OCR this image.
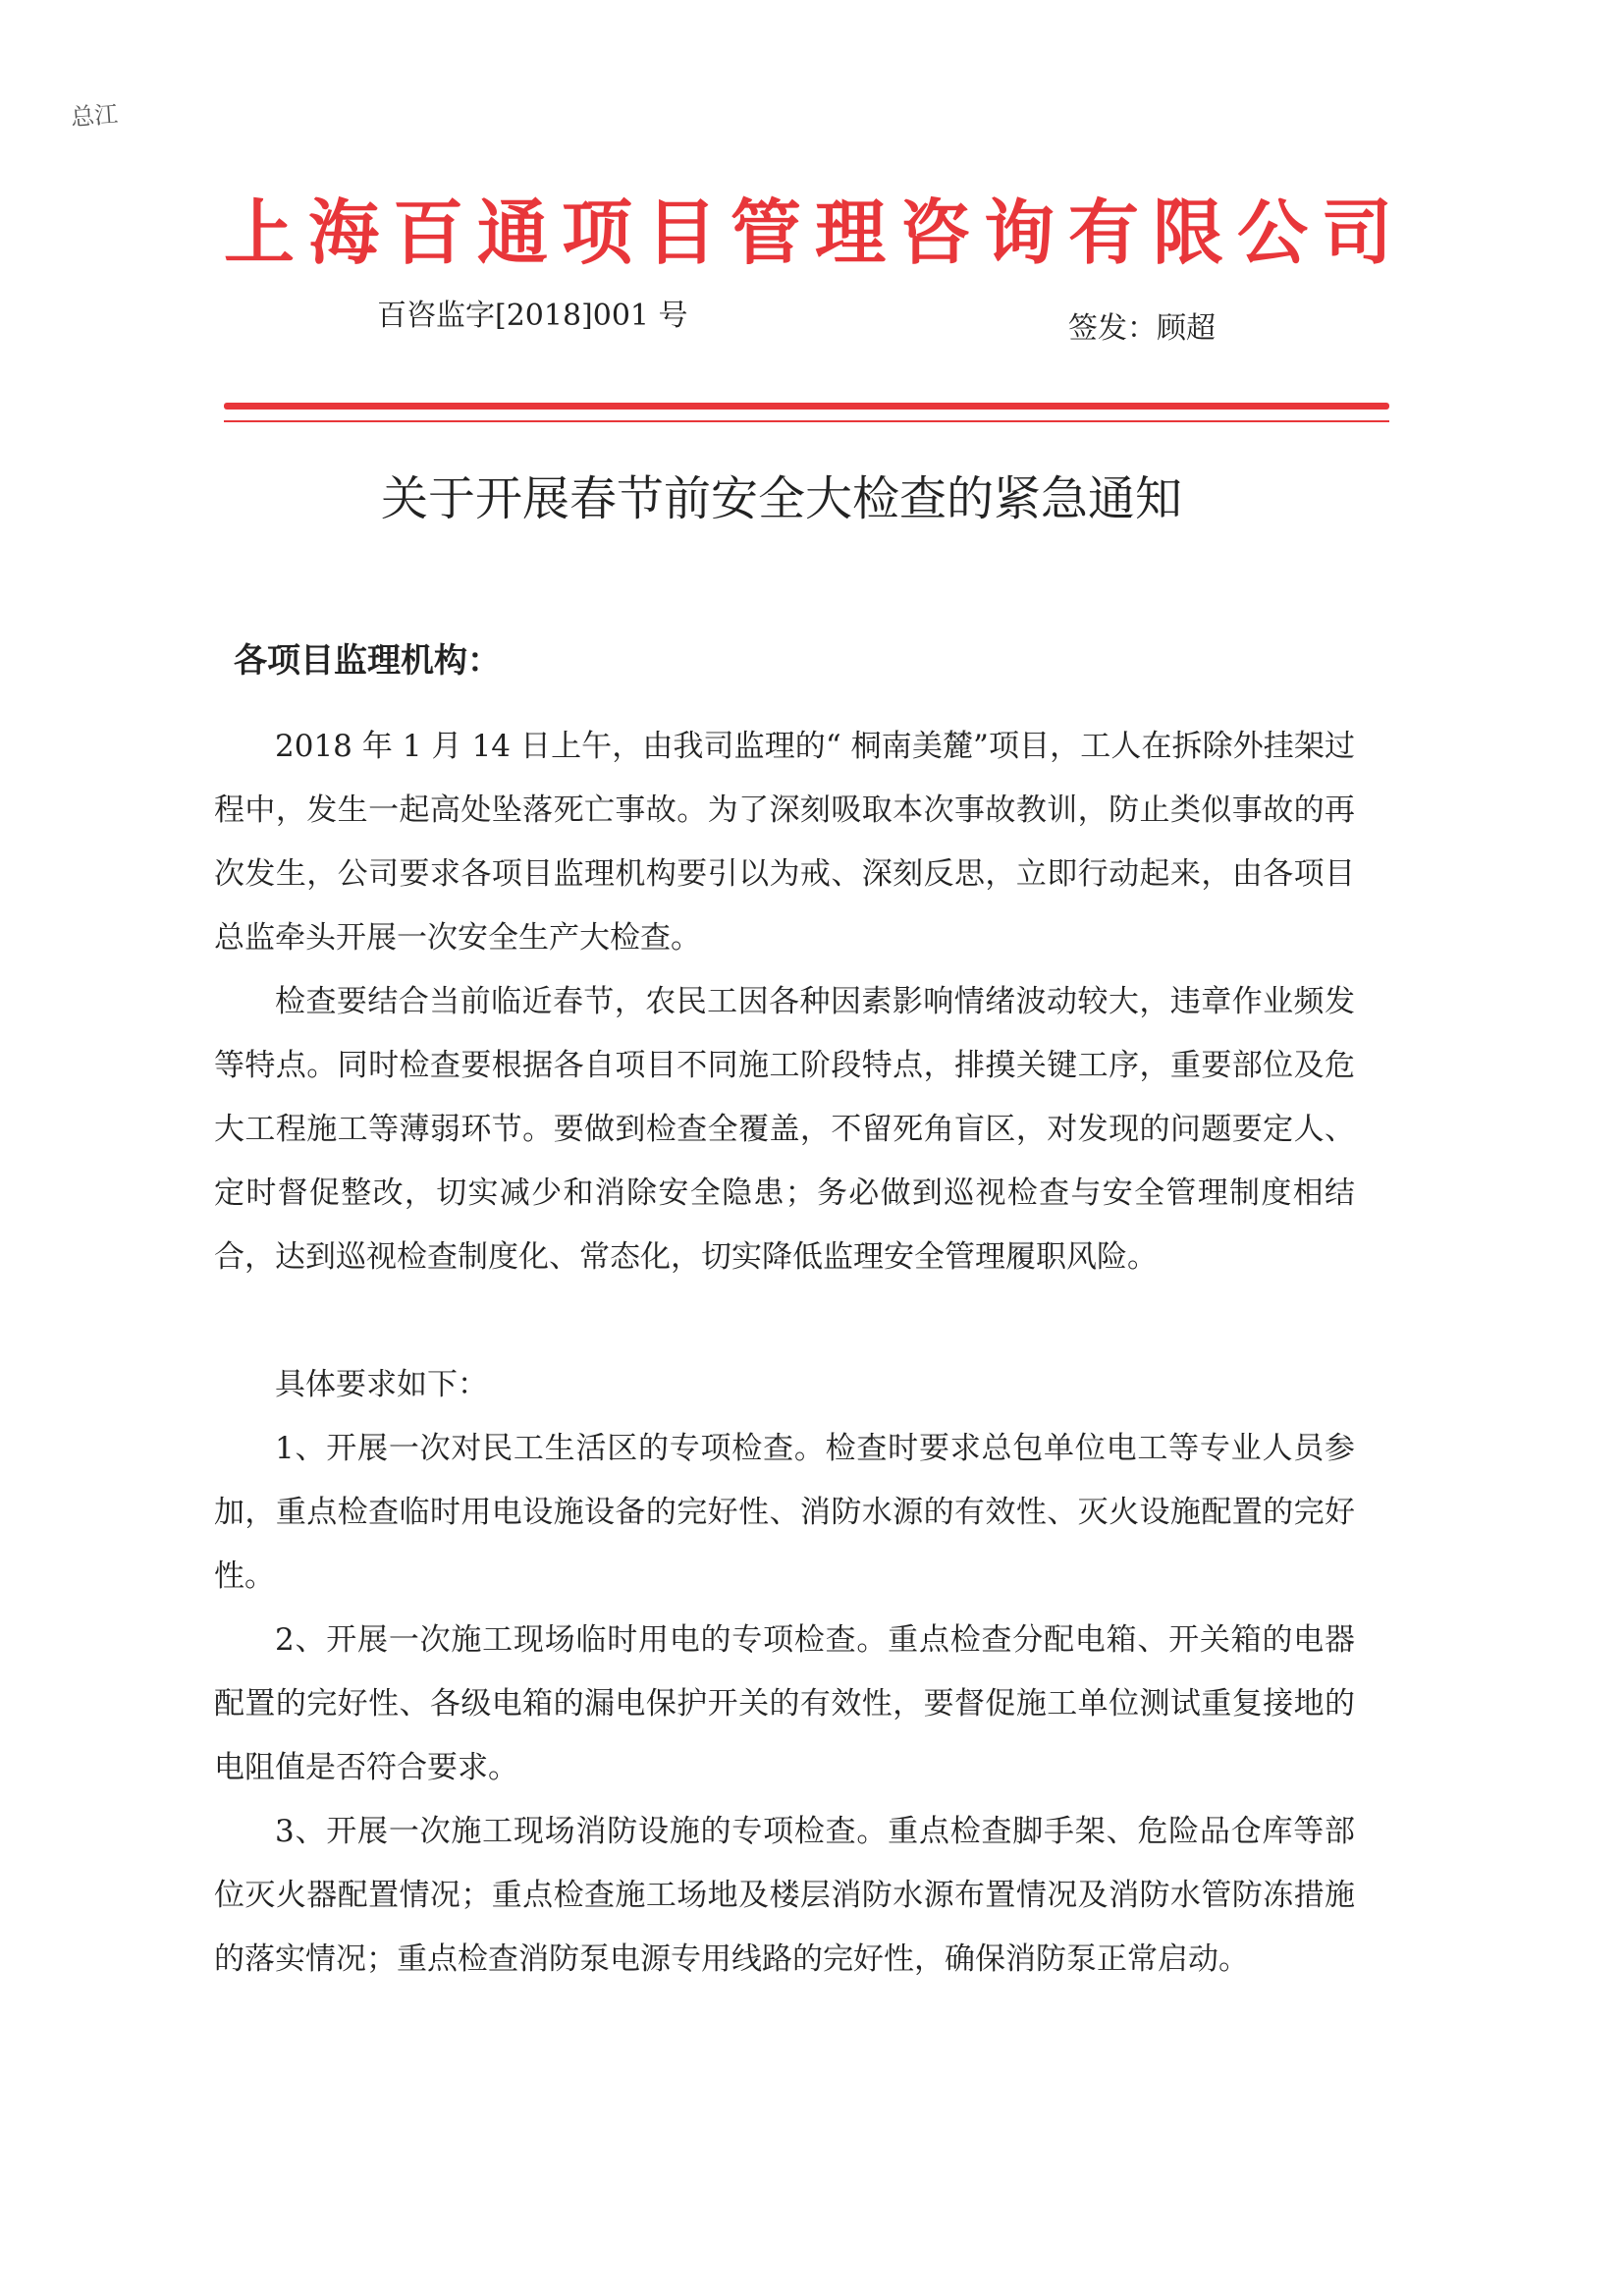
总江
上海百通项目管理咨询有限公司
百咨监字[2018]001 号	签发：顾超
关于开展春节前安全大检查的紧急通知
各项目监理机构：

2018 年 1 月 14 日上午，由我司监理的“ 桐南美麓”项目，工人在拆除外挂架过程中，发生一起高处坠落死亡事故。为了深刻吸取本次事故教训，防止类似事故的再次发生，公司要求各项目监理机构要引以为戒、深刻反思，立即行动起来，由各项目总监牵头开展一次安全生产大检查。

检查要结合当前临近春节，农民工因各种因素影响情绪波动较大，违章作业频发等特点。同时检查要根据各自项目不同施工阶段特点，排摸关键工序，重要部位及危大工程施工等薄弱环节。要做到检查全覆盖，不留死角盲区，对发现的问题要定人、定时督促整改，切实减少和消除安全隐患；务必做到巡视检查与安全管理制度相结合，达到巡视检查制度化、常态化，切实降低监理安全管理履职风险。

具体要求如下：

1、开展一次对民工生活区的专项检查。检查时要求总包单位电工等专业人员参加，重点检查临时用电设施设备的完好性、消防水源的有效性、灭火设施配置的完好性。

2、开展一次施工现场临时用电的专项检查。重点检查分配电箱、开关箱的电器配置的完好性、各级电箱的漏电保护开关的有效性，要督促施工单位测试重复接地的电阻值是否符合要求。

3、开展一次施工现场消防设施的专项检查。重点检查脚手架、危险品仓库等部位灭火器配置情况；重点检查施工场地及楼层消防水源布置情况及消防水管防冻措施的落实情况；重点检查消防泵电源专用线路的完好性，确保消防泵正常启动。
